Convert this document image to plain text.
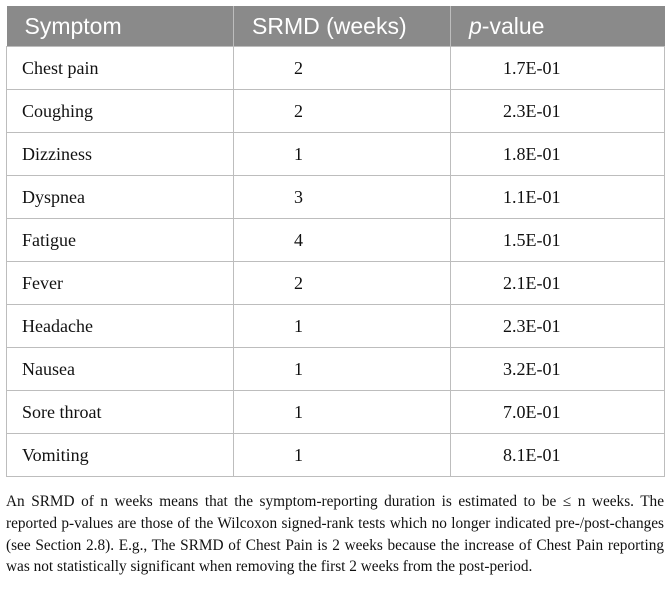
Symptom	SRMD (weeks)	p-value
Chest pain	2	1.7E-01
Coughing	2	2.3E-01
Dizziness	1	1.8E-01
Dyspnea	3	1.1E-01
Fatigue	4	1.5E-01
Fever	2	2.1E-01
Headache	1	2.3E-01
Nausea	1	3.2E-01
Sore throat	1	7.0E-01
Vomiting	1	8.1E-01

An SRMD of n weeks means that the symptom-reporting duration is estimated to be ≤ n weeks. The reported p-values are those of the Wilcoxon signed-rank tests which no longer indicated pre-/post-changes (see Section 2.8). E.g., The SRMD of Chest Pain is 2 weeks because the increase of Chest Pain reporting was not statistically significant when removing the first 2 weeks from the post-period.
